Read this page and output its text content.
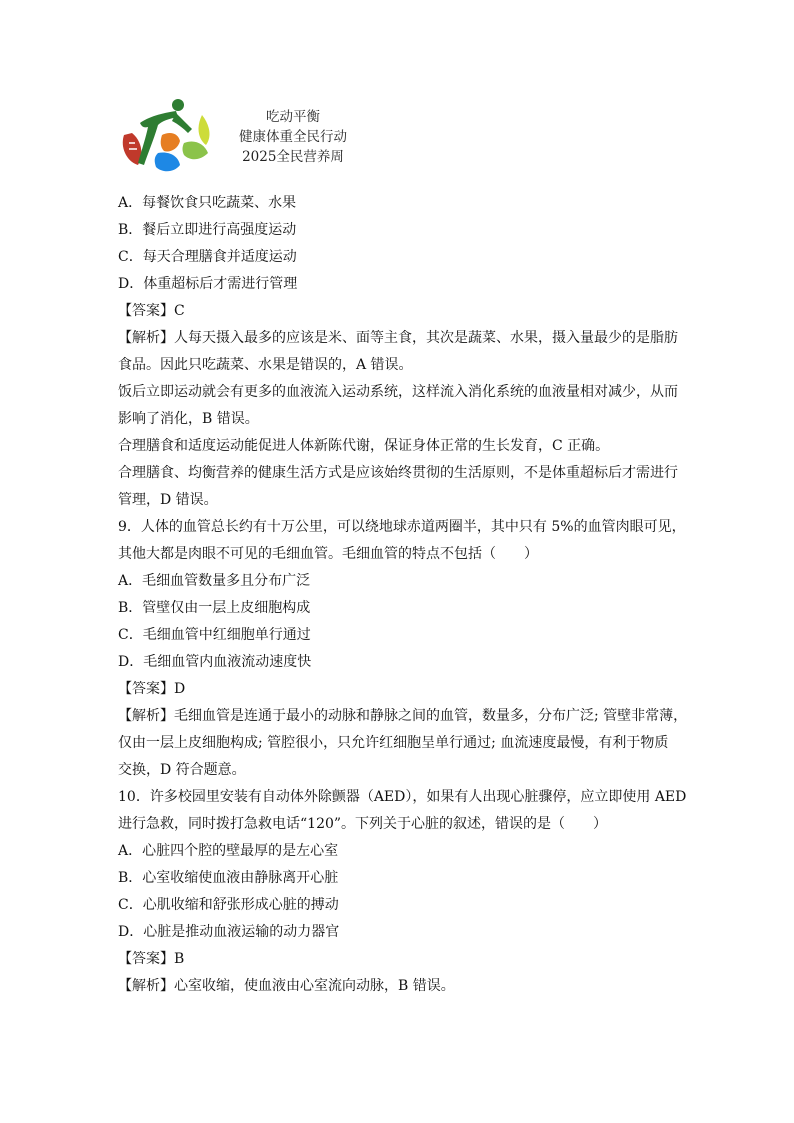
吃动平衡
健康体重全民行动
2025全民营养周
A．每餐饮食只吃蔬菜、水果
B．餐后立即进行高强度运动
C．每天合理膳食并适度运动
D．体重超标后才需进行管理
【答案】C
【解析】人每天摄入最多的应该是米、面等主食，其次是蔬菜、水果，摄入量最少的是脂肪
食品。因此只吃蔬菜、水果是错误的，A 错误。
饭后立即运动就会有更多的血液流入运动系统，这样流入消化系统的血液量相对减少，从而
影响了消化，B 错误。
合理膳食和适度运动能促进人体新陈代谢，保证身体正常的生长发育，C 正确。
合理膳食、均衡营养的健康生活方式是应该始终贯彻的生活原则，不是体重超标后才需进行
管理，D 错误。
9．人体的血管总长约有十万公里，可以绕地球赤道两圈半，其中只有 5%的血管肉眼可见，
其他大都是肉眼不可见的毛细血管。毛细血管的特点不包括（　　）
A．毛细血管数量多且分布广泛
B．管壁仅由一层上皮细胞构成
C．毛细血管中红细胞单行通过
D．毛细血管内血液流动速度快
【答案】D
【解析】毛细血管是连通于最小的动脉和静脉之间的血管，数量多，分布广泛; 管壁非常薄，
仅由一层上皮细胞构成; 管腔很小，只允许红细胞呈单行通过; 血流速度最慢，有利于物质
交换，D 符合题意。
10．许多校园里安装有自动体外除颤器（AED），如果有人出现心脏骤停，应立即使用 AED
进行急救，同时拨打急救电话“120”。下列关于心脏的叙述，错误的是（　　）
A．心脏四个腔的壁最厚的是左心室
B．心室收缩使血液由静脉离开心脏
C．心肌收缩和舒张形成心脏的搏动
D．心脏是推动血液运输的动力器官
【答案】B
【解析】心室收缩，使血液由心室流向动脉，B 错误。
